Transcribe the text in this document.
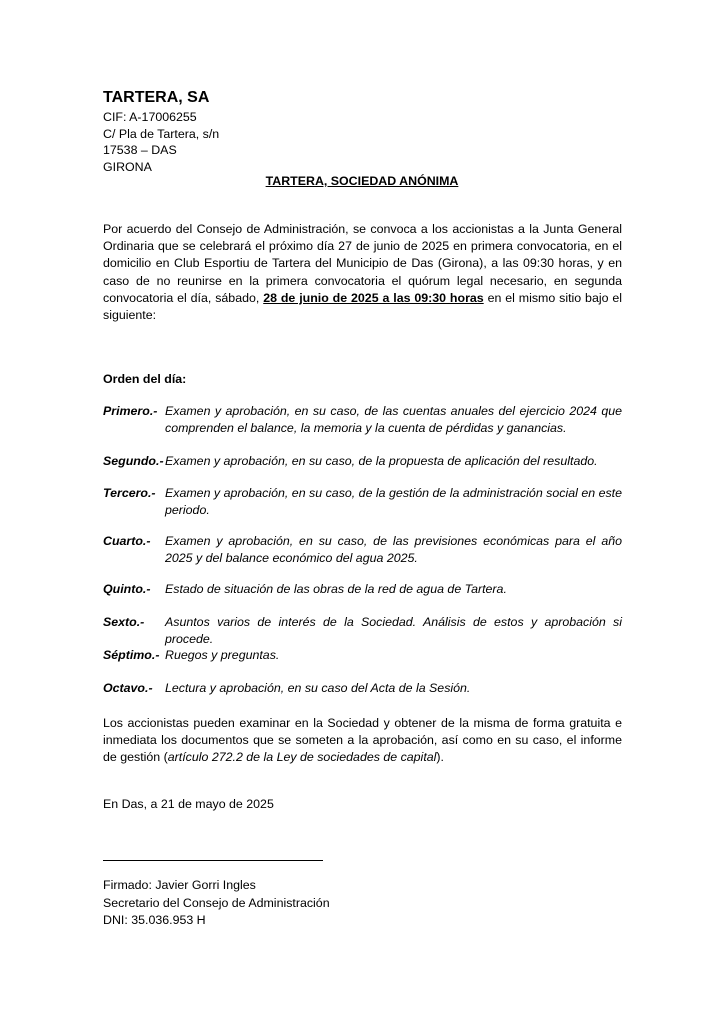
TARTERA, SA
CIF: A-17006255
C/ Pla de Tartera, s/n
17538 – DAS
GIRONA
TARTERA, SOCIEDAD ANÓNIMA
Por acuerdo del Consejo de Administración, se convoca a los accionistas a la Junta General Ordinaria que se celebrará el próximo día 27 de junio de 2025 en primera convocatoria, en el domicilio en Club Esportiu de Tartera del Municipio de Das (Girona), a las 09:30 horas, y en caso de no reunirse en la primera convocatoria el quórum legal necesario, en segunda convocatoria el día, sábado, 28 de junio de 2025 a las 09:30 horas en el mismo sitio bajo el siguiente:
Orden del día:
Primero.- Examen y aprobación, en su caso, de las cuentas anuales del ejercicio 2024 que comprenden el balance, la memoria y la cuenta de pérdidas y ganancias.
Segundo.- Examen y aprobación, en su caso, de la propuesta de aplicación del resultado.
Tercero.- Examen y aprobación, en su caso, de la gestión de la administración social en este periodo.
Cuarto.- Examen y aprobación, en su caso, de las previsiones económicas para el año 2025 y del balance económico del agua 2025.
Quinto.- Estado de situación de las obras de la red de agua de Tartera.
Sexto.- Asuntos varios de interés de la Sociedad. Análisis de estos y aprobación si procede.
Séptimo.- Ruegos y preguntas.
Octavo.- Lectura y aprobación, en su caso del Acta de la Sesión.
Los accionistas pueden examinar en la Sociedad y obtener de la misma de forma gratuita e inmediata los documentos que se someten a la aprobación, así como en su caso, el informe de gestión (artículo 272.2 de la Ley de sociedades de capital).
En Das, a 21 de mayo de 2025
Firmado: Javier Gorri Ingles
Secretario del Consejo de Administración
DNI: 35.036.953 H
